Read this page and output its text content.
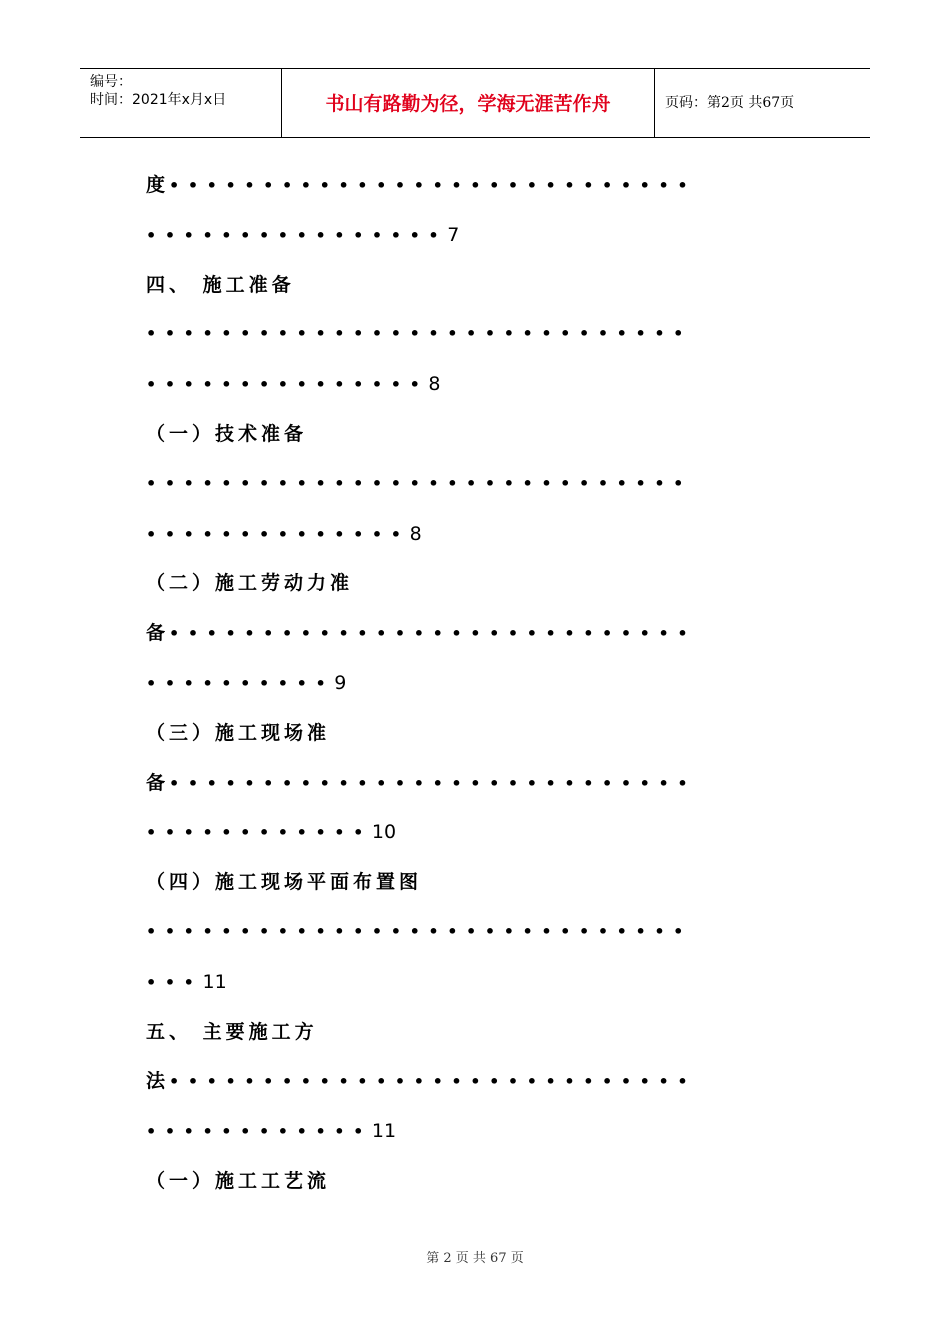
编号：
时间：2021年x月x日	书山有路勤为径，学海无涯苦作舟	页码：第2页 共67页
度••••••••••••••••••••••••••••
••••••••••••••••7
四、 施工准备
•••••••••••••••••••••••••••••
•••••••••••••••8
（一）技术准备
•••••••••••••••••••••••••••••
••••••••••••••8
（二）施工劳动力准
备••••••••••••••••••••••••••••
••••••••••9
（三）施工现场准
备••••••••••••••••••••••••••••
••••••••••••10
（四）施工现场平面布置图
•••••••••••••••••••••••••••••
•••11
五、 主要施工方
法••••••••••••••••••••••••••••
••••••••••••11
（一）施工工艺流
第 2 页 共 67 页
